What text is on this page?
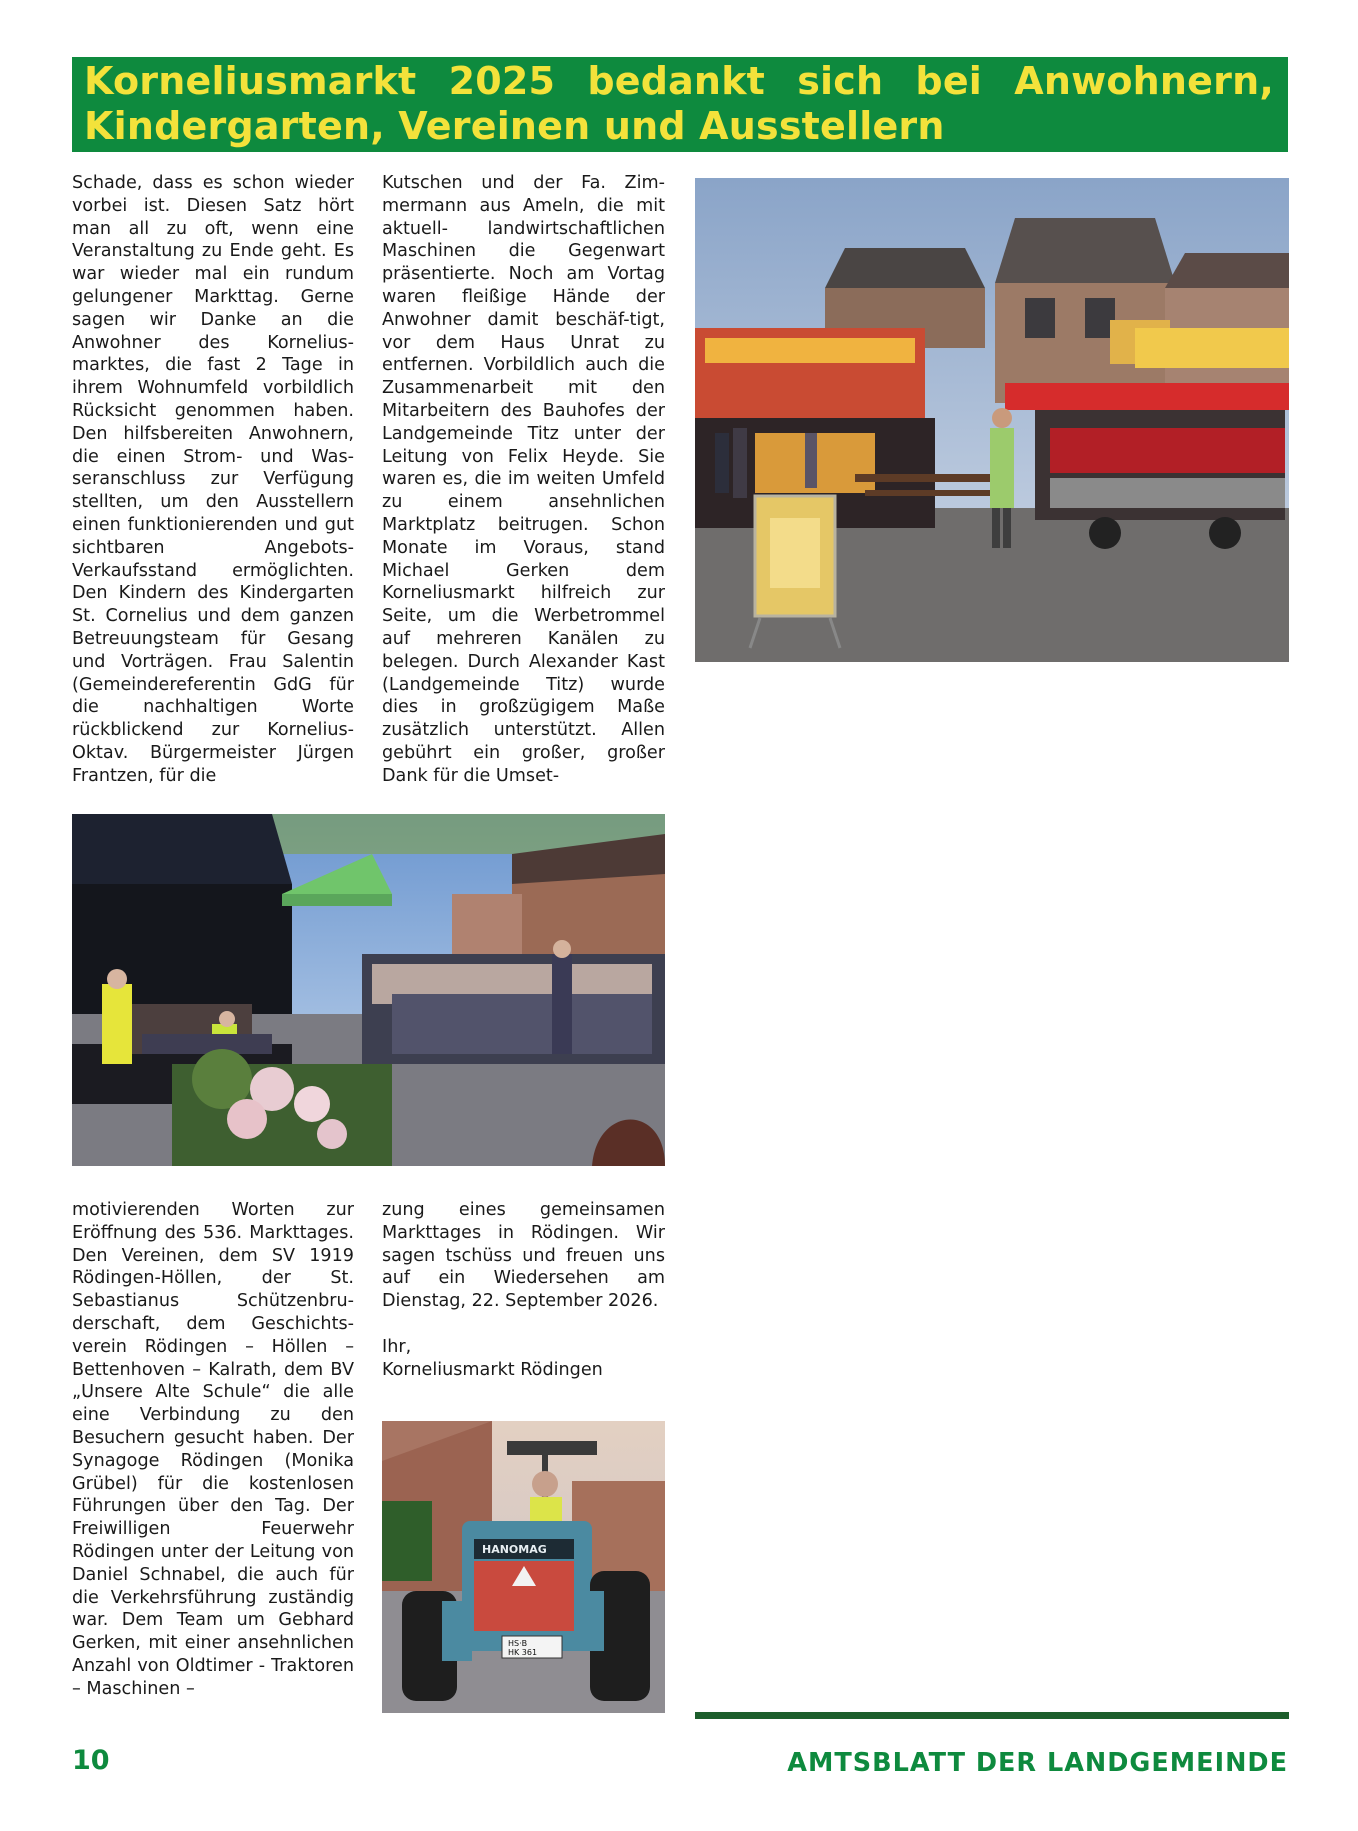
Korneliusmarkt 2025 bedankt sich bei Anwohnern, Kindergarten, Vereinen und Ausstellern

Schade, dass es schon wieder vorbei ist. Diesen Satz hört man all zu oft, wenn eine Veranstaltung zu Ende geht. Es war wieder mal ein rundum gelungener Markttag. Gerne sagen wir Danke an die Anwohner des Korneliusmarktes, die fast 2 Tage in ihrem Wohnumfeld vorbildlich Rücksicht genommen haben. Den hilfsbereiten Anwohnern, die einen Strom- und Wasseranschluss zur Verfügung stellten, um den Ausstellern einen funktionierenden und gut sichtbaren Angebots-Verkaufsstand ermöglichten. Den Kindern des Kindergarten St. Cornelius und dem ganzen Betreuungsteam für Gesang und Vorträgen. Frau Salentin (Gemeindereferentin GdG für die nachhaltigen Worte rückblickend zur Kornelius-Oktav. Bürgermeister Jürgen Frantzen, für die

Kutschen und der Fa. Zimmermann aus Ameln, die mit aktuell- landwirtschaftlichen Maschinen die Gegenwart präsentierte. Noch am Vortag waren fleißige Hände der Anwohner damit beschäf-tigt, vor dem Haus Unrat zu entfernen. Vorbildlich auch die Zusammenarbeit mit den Mitarbeitern des Bauhofes der Landgemeinde Titz unter der Leitung von Felix Heyde. Sie waren es, die im weiten Umfeld zu einem ansehnlichen Marktplatz beitrugen. Schon Monate im Voraus, stand Michael Gerken dem Korneliusmarkt hilfreich zur Seite, um die Werbetrommel auf mehreren Kanälen zu belegen. Durch Alexander Kast (Landgemeinde Titz) wurde dies in großzügigem Maße zusätzlich unterstützt. Allen gebührt ein großer, großer Dank für die Umset-

motivierenden Worten zur Eröffnung des 536. Markttages. Den Vereinen, dem SV 1919 Rödingen-Höllen, der St. Sebastianus Schützenbruderschaft, dem Geschichtsverein Rödingen – Höllen – Bettenhoven – Kalrath, dem BV „Unsere Alte Schule“ die alle eine Verbindung zu den Besuchern gesucht haben. Der Synagoge Rödingen (Monika Grübel) für die kostenlosen Führungen über den Tag. Der Freiwilligen Feuerwehr Rödingen unter der Leitung von Daniel Schnabel, die auch für die Verkehrsführung zuständig war. Dem Team um Gebhard Gerken, mit einer ansehnlichen Anzahl von Oldtimer - Traktoren – Maschinen –

zung eines gemeinsamen Markttages in Rödingen. Wir sagen tschüss und freuen uns auf ein Wiedersehen am Dienstag, 22. September 2026.

Ihr,

Korneliusmarkt Rödingen

HANOMAG
HS·B
HK 361
10	AMTSBLATT DER LANDGEMEINDE
